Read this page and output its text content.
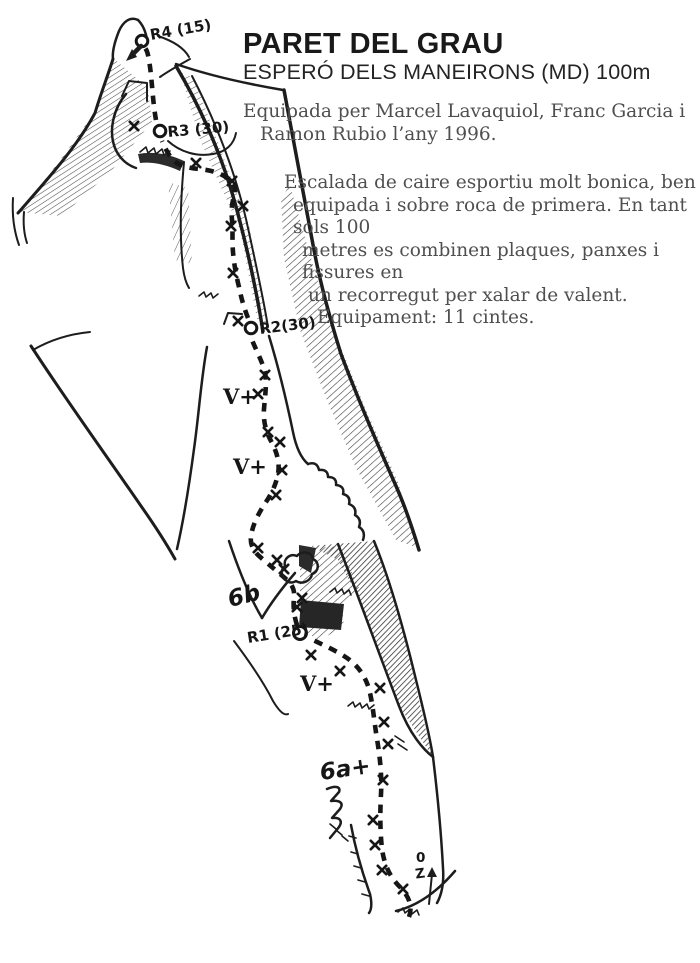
0
Z
R4 (15)
R3 (30)
R2(30)
R1 (25)
V+
V+
6b
V+
6a+
PARET DEL GRAU
ESPERÓ DELS MANEIRONS (MD) 100m
Equipada per Marcel Lavaquiol, Franc Garcia i
Ramon Rubio l’any 1996.
Escalada de caire esportiu molt bonica, ben
equipada i sobre roca de primera. En tant sols 100
metres es combinen plaques, panxes i fissures en
un recorregut per xalar de valent.
Equipament: 11 cintes.
